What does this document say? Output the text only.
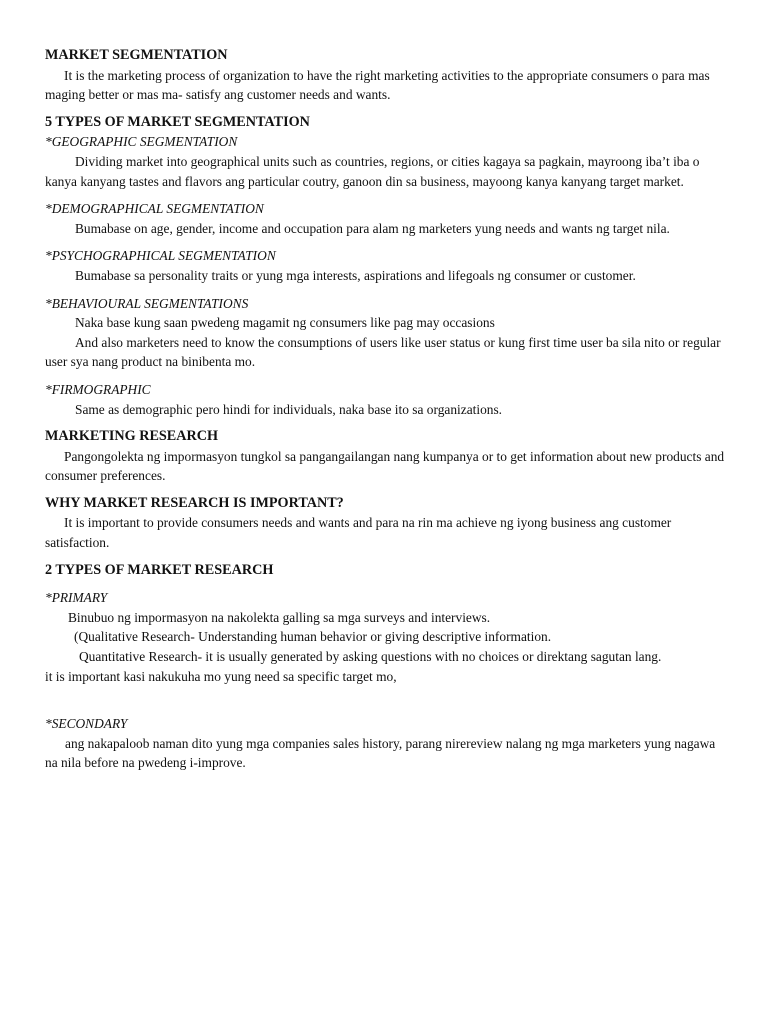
MARKET SEGMENTATION

It is the marketing process of organization to have the right marketing activities to the appropriate consumers o para mas maging better or mas ma- satisfy ang customer needs and wants.

5 TYPES OF MARKET SEGMENTATION

*GEOGRAPHIC SEGMENTATION

Dividing market into geographical units such as countries, regions, or cities kagaya sa pagkain, mayroong iba’t iba o kanya kanyang tastes and flavors ang particular coutry, ganoon din sa business, mayoong kanya kanyang target market.

*DEMOGRAPHICAL SEGMENTATION

Bumabase on age, gender, income and occupation para alam ng marketers yung needs and wants ng target nila.

*PSYCHOGRAPHICAL SEGMENTATION

Bumabase sa personality traits or yung mga interests, aspirations and lifegoals ng consumer or customer.

*BEHAVIOURAL SEGMENTATIONS

Naka base kung saan pwedeng magamit ng consumers like pag may occasions

And also marketers need to know the consumptions of users like user status or kung first time user ba sila nito or regular user sya nang product na binibenta mo.

*FIRMOGRAPHIC

Same as demographic pero hindi for individuals, naka base ito sa organizations.

MARKETING RESEARCH

Pangongolekta ng impormasyon tungkol sa pangangailangan nang kumpanya or to get information about new products and consumer preferences.

WHY MARKET RESEARCH IS IMPORTANT?

It is important to provide consumers needs and wants and para na rin ma achieve ng iyong business ang customer satisfaction.

2 TYPES OF MARKET RESEARCH

*PRIMARY

Binubuo ng impormasyon na nakolekta galling sa mga surveys and interviews.

(Qualitative Research- Understanding human behavior or giving descriptive information.

Quantitative Research- it is usually generated by asking questions with no choices or direktang sagutan lang.

it is important kasi nakukuha mo yung need sa specific target mo,

*SECONDARY

ang nakapaloob naman dito yung mga companies sales history, parang nirereview nalang ng mga marketers yung nagawa na nila before na pwedeng i-improve.
